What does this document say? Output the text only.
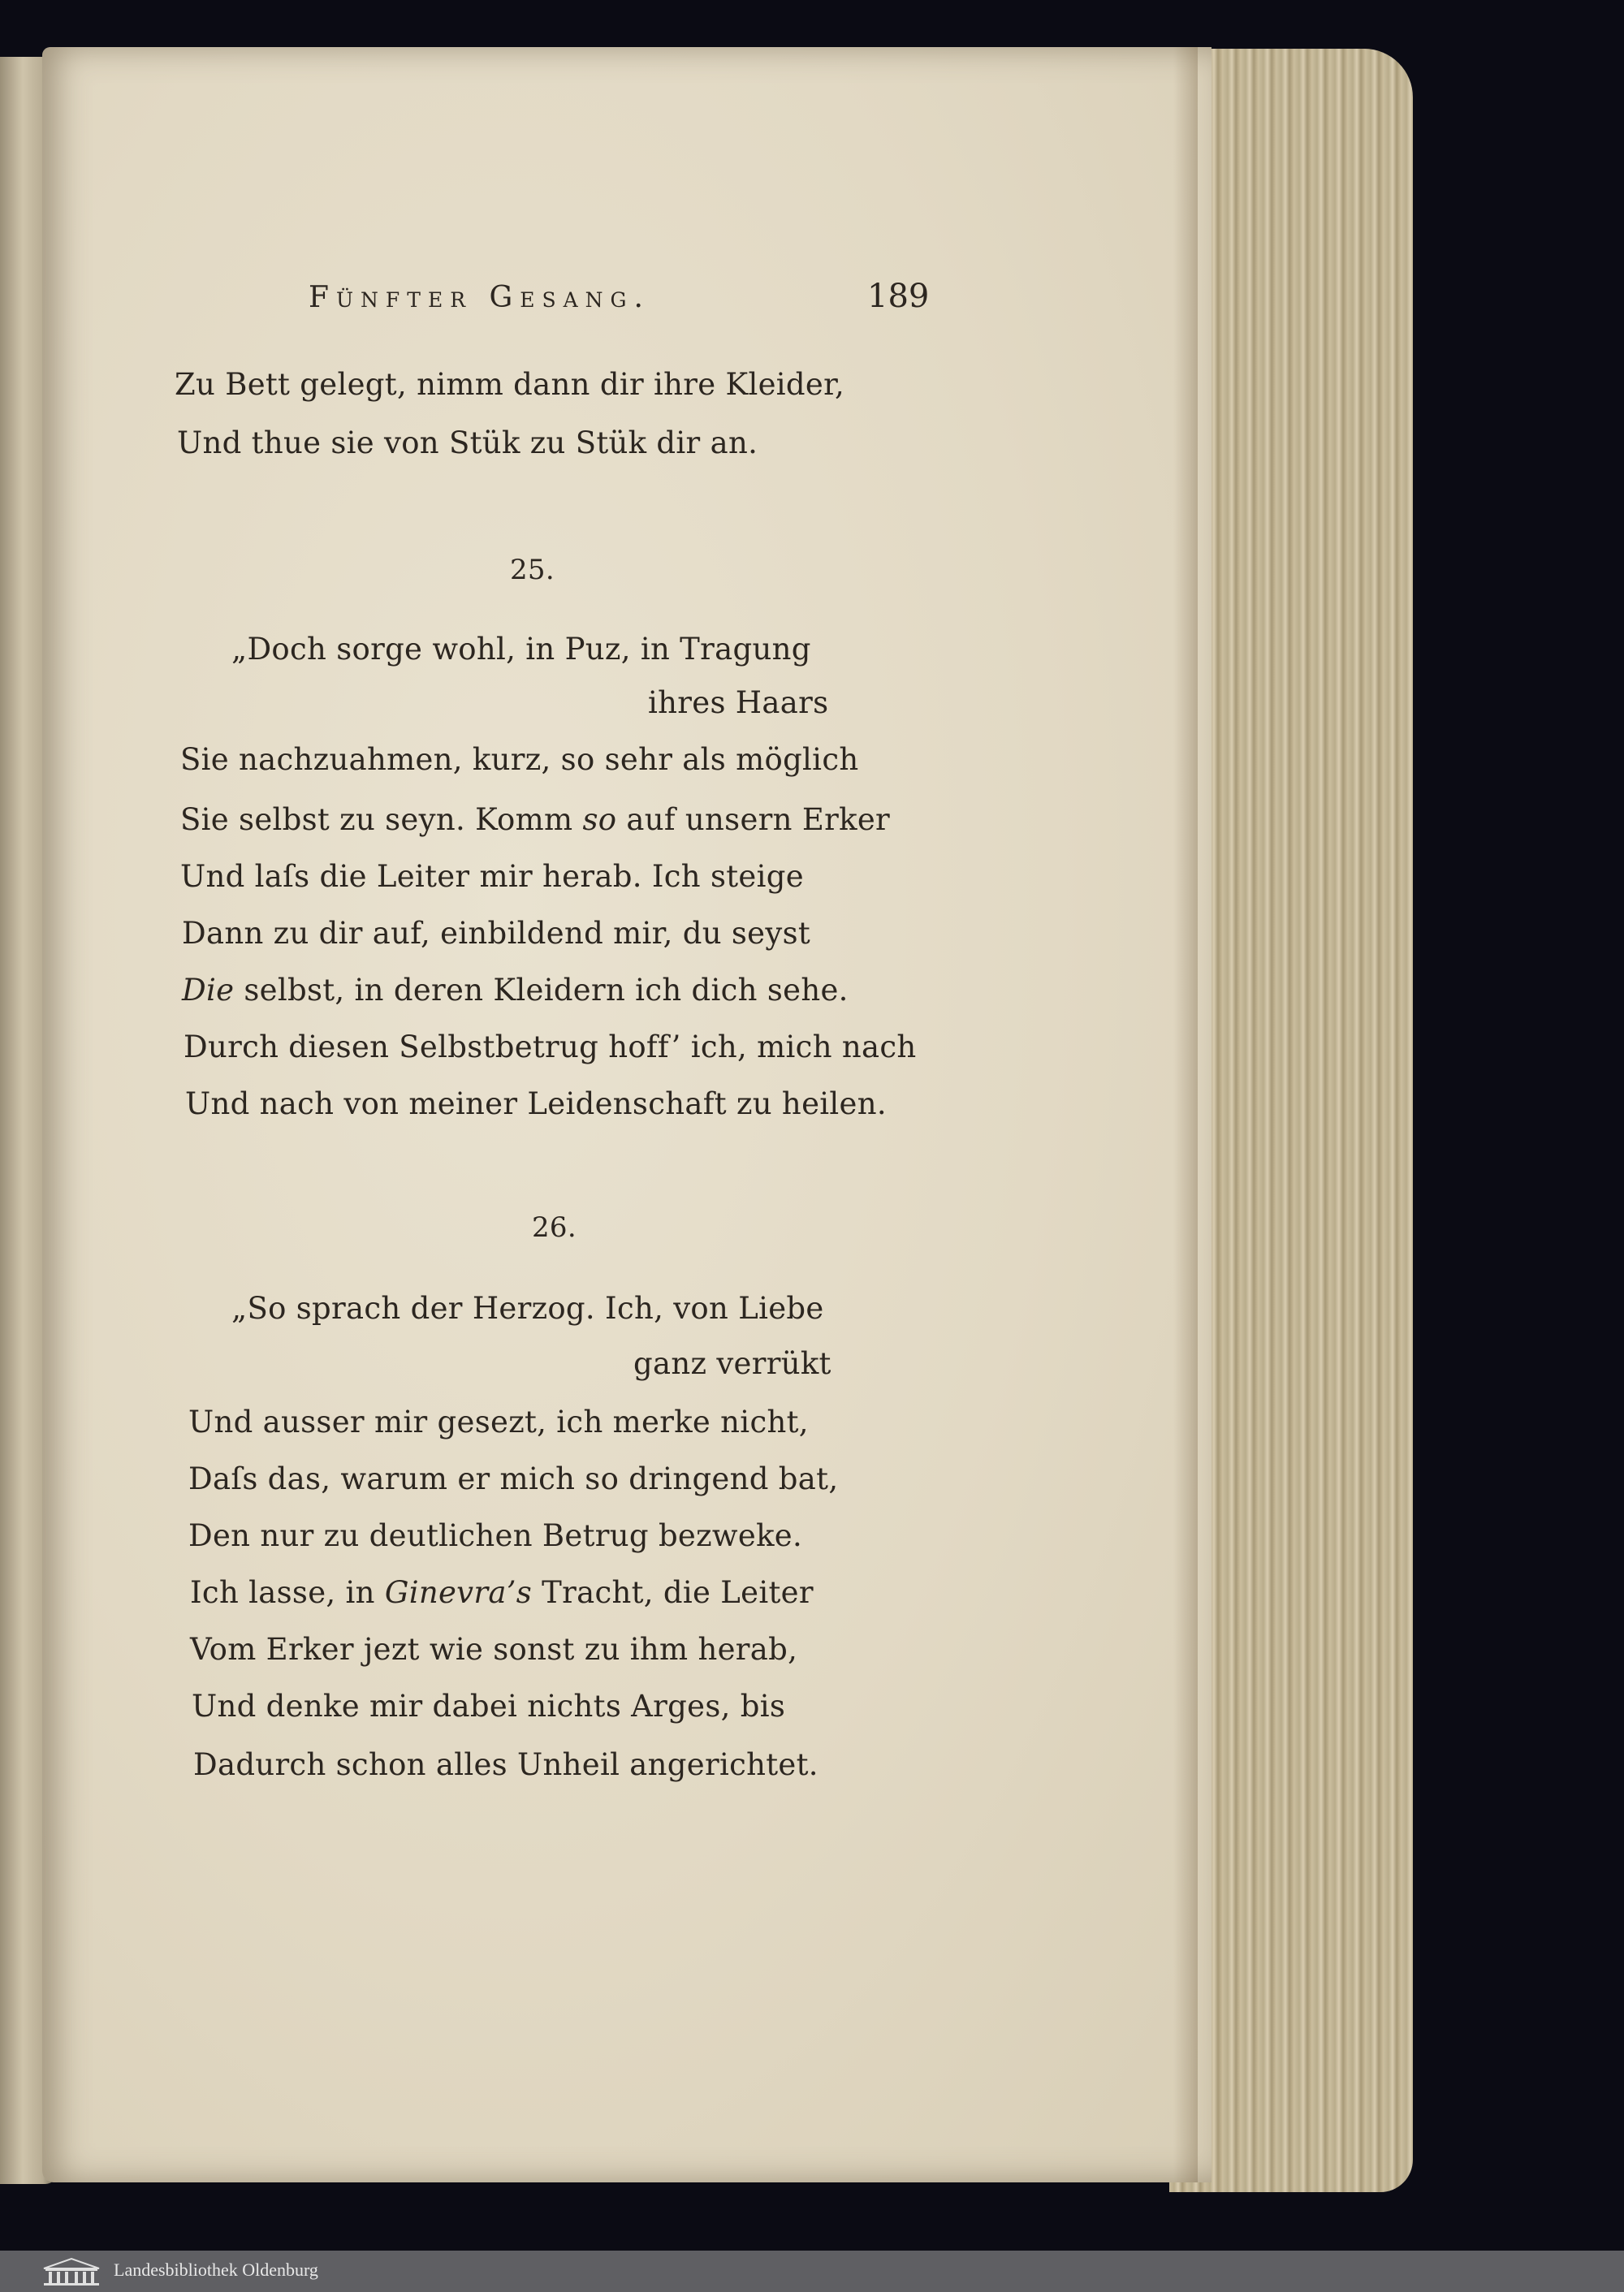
Fünfter Gesang.	189

Zu Bett gelegt, nimm dann dir ihre Kleider,

Und thue sie von Stük zu Stük dir an.

25.

„Doch sorge wohl, in Puz, in Tragung

ihres Haars

Sie nachzuahmen, kurz, so sehr als möglich

Sie selbst zu seyn. Komm so auf unsern Erker

Und laſs die Leiter mir herab. Ich steige

Dann zu dir auf, einbildend mir, du seyst

Die selbst, in deren Kleidern ich dich sehe.

Durch diesen Selbstbetrug hoff’ ich, mich nach

Und nach von meiner Leidenschaft zu heilen.

26.

„So sprach der Herzog. Ich, von Liebe

ganz verrükt

Und ausser mir gesezt, ich merke nicht,

Daſs das, warum er mich so dringend bat,

Den nur zu deutlichen Betrug bezweke.

Ich lasse, in Ginevra’s Tracht, die Leiter

Vom Erker jezt wie sonst zu ihm herab,

Und denke mir dabei nichts Arges, bis

Dadurch schon alles Unheil angerichtet.

Landesbibliothek Oldenburg
